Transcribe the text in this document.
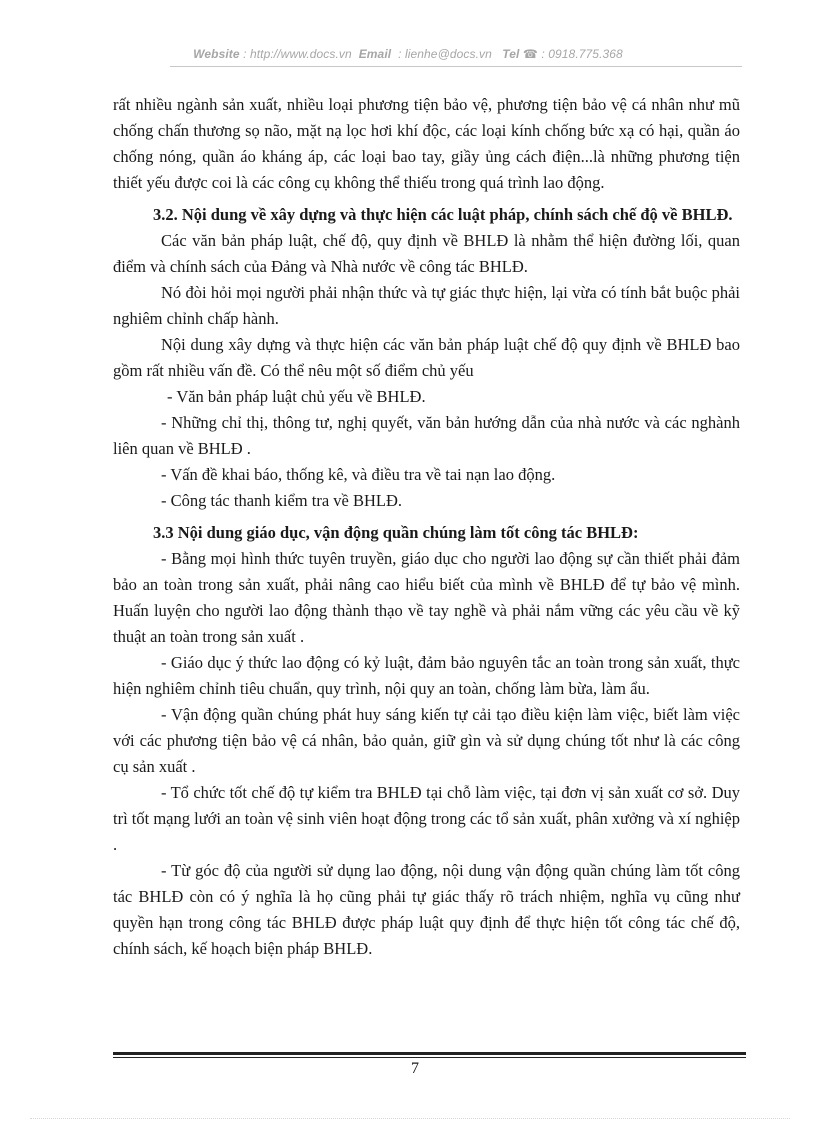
Website : http://www.docs.vn Email : lienhe@docs.vn Tel ☎ : 0918.775.368

rất nhiều ngành sản xuất, nhiều loại phương tiện bảo vệ, phương tiện bảo vệ cá nhân như mũ chống chấn thương sọ não, mặt nạ lọc hơi khí độc, các loại kính chống bức xạ có hại, quần áo chống nóng, quần áo kháng áp, các loại bao tay, giầy ủng cách điện...là những phương tiện thiết yếu được coi là các công cụ không thể thiếu trong quá trình lao động.

3.2. Nội dung về xây dựng và thực hiện các luật pháp, chính sách chế độ về BHLĐ.

Các văn bản pháp luật, chế độ, quy định về BHLĐ là nhằm thể hiện đường lối, quan điểm và chính sách của Đảng và Nhà nước về công tác BHLĐ.

Nó đòi hỏi mọi người phải nhận thức và tự giác thực hiện, lại vừa có tính bắt buộc phải nghiêm chỉnh chấp hành.

Nội dung xây dựng và thực hiện các văn bản pháp luật chế độ quy định về BHLĐ bao gồm rất nhiều vấn đề. Có thể nêu một số điểm chủ yếu

- Văn bản pháp luật chủ yếu về BHLĐ.

- Những chỉ thị, thông tư, nghị quyết, văn bản hướng dẫn của nhà nước và các nghành liên quan về BHLĐ .

- Vấn đề khai báo, thống kê, và điều tra về tai nạn lao động.

- Công tác thanh kiểm tra về BHLĐ.

3.3 Nội dung giáo dục, vận động quần chúng làm tốt công tác BHLĐ:

- Bằng mọi hình thức tuyên truyền, giáo dục cho người lao động sự cần thiết phải đảm bảo an toàn trong sản xuất, phải nâng cao hiểu biết của mình về BHLĐ để tự bảo vệ mình. Huấn luyện cho người lao động thành thạo về tay nghề và phải nắm vững các yêu cầu về kỹ thuật an toàn trong sản xuất .

- Giáo dục ý thức lao động có kỷ luật, đảm bảo nguyên tắc an toàn trong sản xuất, thực hiện nghiêm chỉnh tiêu chuẩn, quy trình, nội quy an toàn, chống làm bừa, làm ẩu.

- Vận động quần chúng phát huy sáng kiến tự cải tạo điều kiện làm việc, biết làm việc với các phương tiện bảo vệ cá nhân, bảo quản, giữ gìn và sử dụng chúng tốt như là các công cụ sản xuất .

- Tổ chức tốt chế độ tự kiểm tra BHLĐ tại chỗ làm việc, tại đơn vị sản xuất cơ sở. Duy trì tốt mạng lưới an toàn vệ sinh viên hoạt động trong các tổ sản xuất, phân xưởng và xí nghiệp .

- Từ góc độ của người sử dụng lao động, nội dung vận động quần chúng làm tốt công tác BHLĐ còn có ý nghĩa là họ cũng phải tự giác thấy rõ trách nhiệm, nghĩa vụ cũng như quyền hạn trong công tác BHLĐ được pháp luật quy định để thực hiện tốt công tác chế độ, chính sách, kế hoạch biện pháp BHLĐ.

7
